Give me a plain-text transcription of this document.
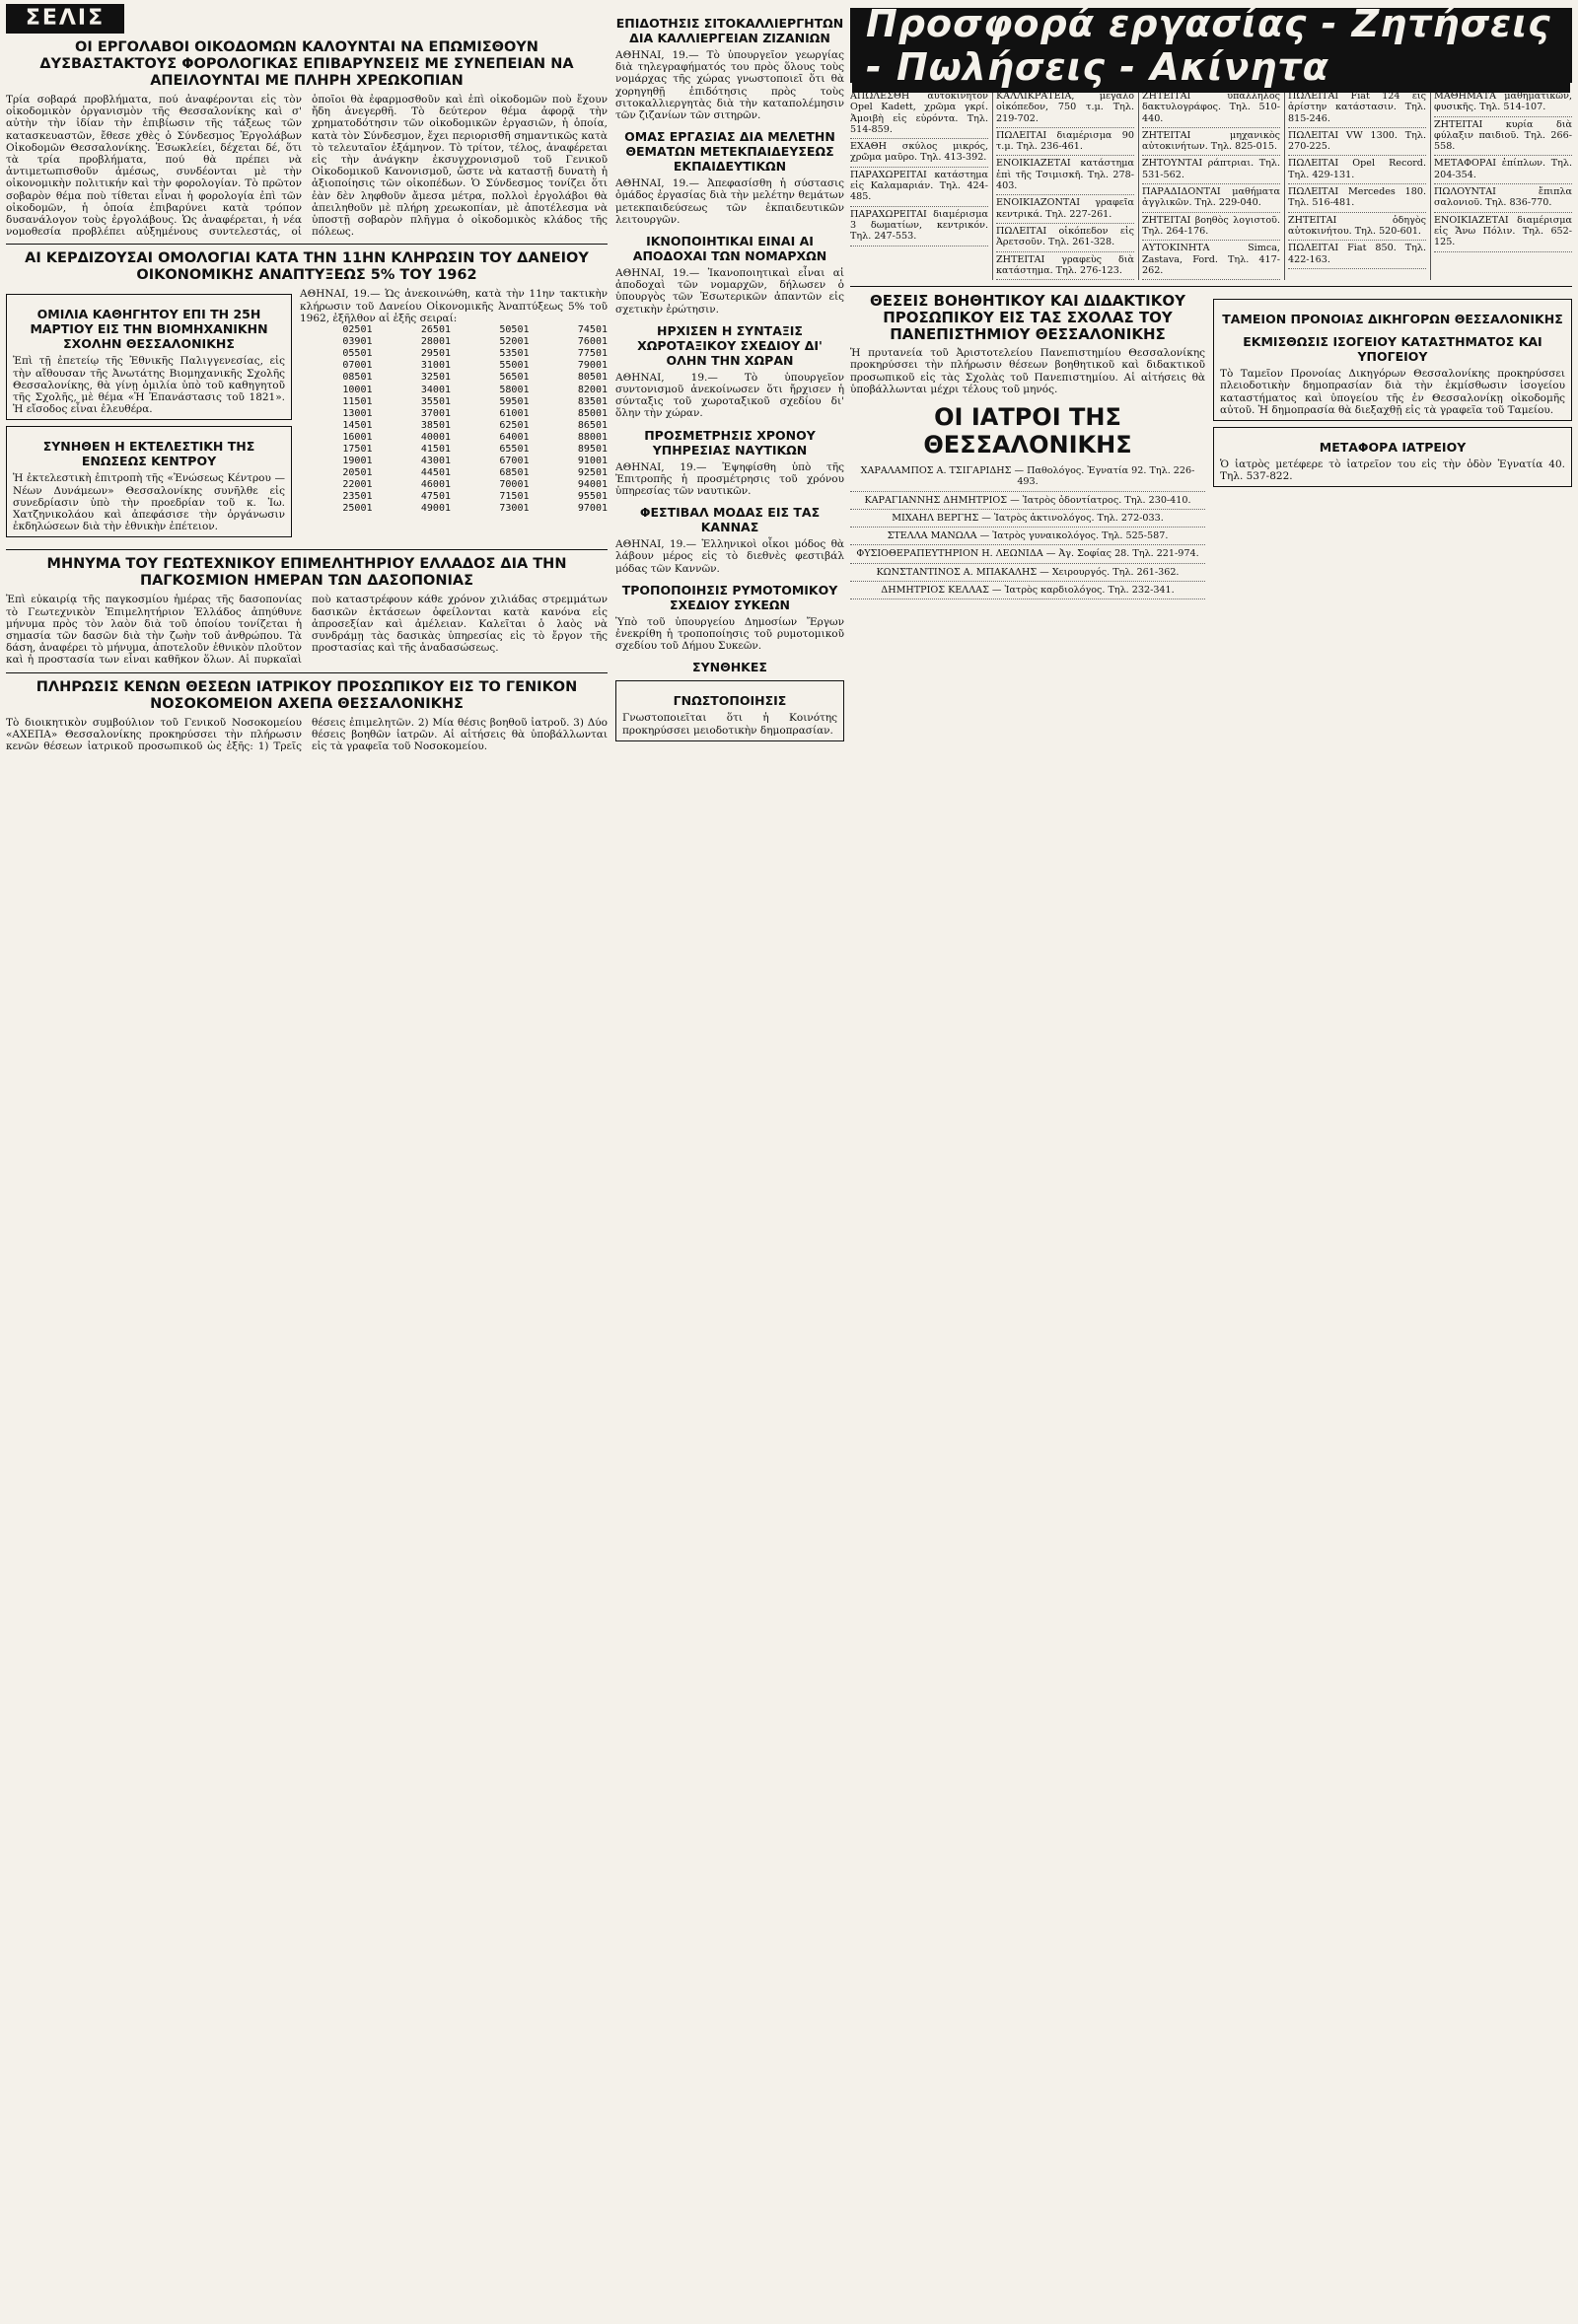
ΣΕΛΙΣ
ΟΙ ΕΡΓΟΛΑΒΟΙ ΟΙΚΟΔΟΜΩΝ ΚΑΛΟΥΝΤΑΙ ΝΑ ΕΠΩΜΙΣΘΟΥΝ ΔΥΣΒΑΣΤΑΚΤΟΥΣ ΦΟΡΟΛΟΓΙΚΑΣ ΕΠΙΒΑΡΥΝΣΕΙΣ ΜΕ ΣΥΝΕΠΕΙΑΝ ΝΑ ΑΠΕΙΛΟΥΝΤΑΙ ΜΕ ΠΛΗΡΗ ΧΡΕΩΚΟΠΙΑΝ

Τρία σοβαρά προβλήματα, πού ἀναφέρονται εἰς τὸν οἰκοδομικὸν ὀργανισμὸν τῆς Θεσσαλονίκης καὶ σ' αὐτὴν τὴν ἰδίαν τὴν ἐπιβίωσιν τῆς τάξεως τῶν κατασκευαστῶν, ἔθεσε χθὲς ὁ Σύνδεσμος Ἐργολάβων Οἰκοδομῶν Θεσσαλονίκης. Ἐσωκλείει, δέχεται δέ, ὅτι τὰ τρία προβλήματα, πού θὰ πρέπει νὰ ἀντιμετωπισθοῦν ἀμέσως, συνδέονται μὲ τὴν οἰκονομικὴν πολιτικήν καὶ τὴν φορολογίαν. Τὸ πρῶτον σοβαρὸν θέμα ποὺ τίθεται εἶναι ἡ φορολογία ἐπὶ τῶν οἰκοδομῶν, ἡ ὁποία ἐπιβαρύνει κατὰ τρόπον δυσανάλογον τοὺς ἐργολάβους. Ὡς ἀναφέρεται, ἡ νέα νομοθεσία προβλέπει αὐξημένους συντελεστάς, οἱ ὁποῖοι θὰ ἐφαρμοσθοῦν καὶ ἐπὶ οἰκοδομῶν ποὺ ἔχουν ἤδη ἀνεγερθῆ. Τὸ δεύτερον θέμα ἀφορᾷ τὴν χρηματοδότησιν τῶν οἰκοδομικῶν ἐργασιῶν, ἡ ὁποία, κατὰ τὸν Σύνδεσμον, ἔχει περιορισθῆ σημαντικῶς κατὰ τὸ τελευταῖον ἑξάμηνον. Τὸ τρίτον, τέλος, ἀναφέρεται εἰς τὴν ἀνάγκην ἐκσυγχρονισμοῦ τοῦ Γενικοῦ Οἰκοδομικοῦ Κανονισμοῦ, ὥστε νὰ καταστῇ δυνατὴ ἡ ἀξιοποίησις τῶν οἰκοπέδων. Ὁ Σύνδεσμος τονίζει ὅτι ἐὰν δὲν ληφθοῦν ἄμεσα μέτρα, πολλοὶ ἐργολάβοι θὰ ἀπειληθοῦν μὲ πλήρη χρεωκοπίαν, μὲ ἀποτέλεσμα νὰ ὑποστῇ σοβαρὸν πλῆγμα ὁ οἰκοδομικὸς κλάδος τῆς πόλεως.

ΑΙ ΚΕΡΔΙΖΟΥΣΑΙ ΟΜΟΛΟΓΙΑΙ ΚΑΤΑ ΤΗΝ 11ΗΝ ΚΛΗΡΩΣΙΝ ΤΟΥ ΔΑΝΕΙΟΥ ΟΙΚΟΝΟΜΙΚΗΣ ΑΝΑΠΤΥΞΕΩΣ 5% ΤΟΥ 1962
ΟΜΙΛΙΑ ΚΑΘΗΓΗΤΟΥ ΕΠΙ ΤΗ 25Η ΜΑΡΤΙΟΥ ΕΙΣ ΤΗΝ ΒΙΟΜΗΧΑΝΙΚΗΝ ΣΧΟΛΗΝ ΘΕΣΣΑΛΟΝΙΚΗΣ

Ἐπὶ τῇ ἐπετείῳ τῆς Ἐθνικῆς Παλιγγενεσίας, εἰς τὴν αἴθουσαν τῆς Ἀνωτάτης Βιομηχανικῆς Σχολῆς Θεσσαλονίκης, θὰ γίνῃ ὁμιλία ὑπὸ τοῦ καθηγητοῦ τῆς Σχολῆς, μὲ θέμα «Ἡ Ἐπανάστασις τοῦ 1821». Ἡ εἴσοδος εἶναι ἐλευθέρα.

ΣΥΝΗΘΕΝ Η ΕΚΤΕΛΕΣΤΙΚΗ ΤΗΣ ΕΝΩΣΕΩΣ ΚΕΝΤΡΟΥ

Ἡ ἐκτελεστικὴ ἐπιτροπὴ τῆς «Ἐνώσεως Κέντρου — Νέων Δυνάμεων» Θεσσαλονίκης συνῆλθε εἰς συνεδρίασιν ὑπὸ τὴν προεδρίαν τοῦ κ. Ἰω. Χατζηνικολάου καὶ ἀπεφάσισε τὴν ὀργάνωσιν ἐκδηλώσεων διὰ τὴν ἐθνικὴν ἐπέτειον.

ΑΘΗΝΑΙ, 19.— Ὡς ἀνεκοινώθη, κατὰ τὴν 11ην τακτικὴν κλήρωσιν τοῦ Δανείου Οἰκονομικῆς Ἀναπτύξεως 5% τοῦ 1962, ἐξῆλθον αἱ ἑξῆς σειραί:

02501
03901
05501
07001
08501
10001
11501
13001
14501
16001
17501
19001
20501
22001
23501
25001
26501
28001
29501
31001
32501
34001
35501
37001
38501
40001
41501
43001
44501
46001
47501
49001
50501
52001
53501
55001
56501
58001
59501
61001
62501
64001
65501
67001
68501
70001
71501
73001
74501
76001
77501
79001
80501
82001
83501
85001
86501
88001
89501
91001
92501
94001
95501
97001
ΜΗΝΥΜΑ ΤΟΥ ΓΕΩΤΕΧΝΙΚΟΥ ΕΠΙΜΕΛΗΤΗΡΙΟΥ ΕΛΛΑΔΟΣ ΔΙΑ ΤΗΝ ΠΑΓΚΟΣΜΙΟΝ ΗΜΕΡΑΝ ΤΩΝ ΔΑΣΟΠΟΝΙΑΣ

Ἐπὶ εὐκαιρίᾳ τῆς παγκοσμίου ἡμέρας τῆς δασοπονίας τὸ Γεωτεχνικὸν Ἐπιμελητήριον Ἑλλάδος ἀπηύθυνε μήνυμα πρὸς τὸν λαὸν διὰ τοῦ ὁποίου τονίζεται ἡ σημασία τῶν δασῶν διὰ τὴν ζωὴν τοῦ ἀνθρώπου. Τὰ δάση, ἀναφέρει τὸ μήνυμα, ἀποτελοῦν ἐθνικὸν πλοῦτον καὶ ἡ προστασία των εἶναι καθῆκον ὅλων. Αἱ πυρκαϊαὶ ποὺ καταστρέφουν κάθε χρόνον χιλιάδας στρεμμάτων δασικῶν ἐκτάσεων ὀφείλονται κατὰ κανόνα εἰς ἀπροσεξίαν καὶ ἀμέλειαν. Καλεῖται ὁ λαὸς νὰ συνδράμῃ τὰς δασικὰς ὑπηρεσίας εἰς τὸ ἔργον τῆς προστασίας καὶ τῆς ἀναδασώσεως.

ΠΛΗΡΩΣΙΣ ΚΕΝΩΝ ΘΕΣΕΩΝ ΙΑΤΡΙΚΟΥ ΠΡΟΣΩΠΙΚΟΥ ΕΙΣ ΤΟ ΓΕΝΙΚΟΝ ΝΟΣΟΚΟΜΕΙΟΝ ΑΧΕΠΑ ΘΕΣΣΑΛΟΝΙΚΗΣ

Τὸ διοικητικὸν συμβούλιον τοῦ Γενικοῦ Νοσοκομείου «ΑΧΕΠΑ» Θεσσαλονίκης προκηρύσσει τὴν πλήρωσιν κενῶν θέσεων ἰατρικοῦ προσωπικοῦ ὡς ἑξῆς: 1) Τρεῖς θέσεις ἐπιμελητῶν. 2) Μία θέσις βοηθοῦ ἰατροῦ. 3) Δύο θέσεις βοηθῶν ἰατρῶν. Αἱ αἰτήσεις θὰ ὑποβάλλωνται εἰς τὰ γραφεῖα τοῦ Νοσοκομείου.

ΕΠΙΔΟΤΗΣΙΣ ΣΙΤΟΚΑΛΛΙΕΡΓΗΤΩΝ ΔΙΑ ΚΑΛΛΙΕΡΓΕΙΑΝ ΖΙΖΑΝΙΩΝ

ΑΘΗΝΑΙ, 19.— Τὸ ὑπουργεῖον γεωργίας διὰ τηλεγραφήματός του πρὸς ὅλους τοὺς νομάρχας τῆς χώρας γνωστοποιεῖ ὅτι θὰ χορηγηθῇ ἐπιδότησις πρὸς τοὺς σιτοκαλλιεργητὰς διὰ τὴν καταπολέμησιν τῶν ζιζανίων τῶν σιτηρῶν.

ΟΜΑΣ ΕΡΓΑΣΙΑΣ ΔΙΑ ΜΕΛΕΤΗΝ ΘΕΜΑΤΩΝ ΜΕΤΕΚΠΑΙΔΕΥΣΕΩΣ ΕΚΠΑΙΔΕΥΤΙΚΩΝ

ΑΘΗΝΑΙ, 19.— Ἀπεφασίσθη ἡ σύστασις ὁμάδος ἐργασίας διὰ τὴν μελέτην θεμάτων μετεκπαιδεύσεως τῶν ἐκπαιδευτικῶν λειτουργῶν.

ΙΚΝΟΠΟΙΗΤΙΚΑΙ ΕΙΝΑΙ ΑΙ ΑΠΟΔΟΧΑΙ ΤΩΝ ΝΟΜΑΡΧΩΝ

ΑΘΗΝΑΙ, 19.— Ἱκανοποιητικαὶ εἶναι αἱ ἀποδοχαὶ τῶν νομαρχῶν, δήλωσεν ὁ ὑπουργὸς τῶν Ἐσωτερικῶν ἀπαντῶν εἰς σχετικὴν ἐρώτησιν.

ΗΡΧΙΣΕΝ Η ΣΥΝΤΑΞΙΣ ΧΩΡΟΤΑΞΙΚΟΥ ΣΧΕΔΙΟΥ ΔΙ' ΟΛΗΝ ΤΗΝ ΧΩΡΑΝ

ΑΘΗΝΑΙ, 19.— Τὸ ὑπουργεῖον συντονισμοῦ ἀνεκοίνωσεν ὅτι ἤρχισεν ἡ σύνταξις τοῦ χωροταξικοῦ σχεδίου δι' ὅλην τὴν χώραν.

ΠΡΟΣΜΕΤΡΗΣΙΣ ΧΡΟΝΟΥ ΥΠΗΡΕΣΙΑΣ ΝΑΥΤΙΚΩΝ

ΑΘΗΝΑΙ, 19.— Ἐψηφίσθη ὑπὸ τῆς Ἐπιτροπῆς ἡ προσμέτρησις τοῦ χρόνου ὑπηρεσίας τῶν ναυτικῶν.

ΦΕΣΤΙΒΑΛ ΜΟΔΑΣ ΕΙΣ ΤΑΣ ΚΑΝΝΑΣ

ΑΘΗΝΑΙ, 19.— Ἑλληνικοὶ οἶκοι μόδος θὰ λάβουν μέρος εἰς τὸ διεθνὲς φεστιβάλ μόδας τῶν Καννῶν.

ΤΡΟΠΟΠΟΙΗΣΙΣ ΡΥΜΟΤΟΜΙΚΟΥ ΣΧΕΔΙΟΥ ΣΥΚΕΩΝ

Ὑπὸ τοῦ ὑπουργείου Δημοσίων Ἔργων ἐνεκρίθη ἡ τροποποίησις τοῦ ρυμοτομικοῦ σχεδίου τοῦ Δήμου Συκεῶν.

ΣΥΝΘΗΚΕΣ
ΓΝΩΣΤΟΠΟΙΗΣΙΣ

Γνωστοποιεῖται ὅτι ἡ Κοινότης προκηρύσσει μειοδοτικὴν δημοπρασίαν.

Προσφορά εργασίας - Ζητήσεις - Πωλήσεις - Ακίνητα
ΑΠΩΛΕΣΘΗ αὐτοκίνητον Opel Kadett, χρῶμα γκρί. Ἀμοιβὴ εἰς εὑρόντα. Τηλ. 514-859.
ΕΧΑΘΗ σκύλος μικρός, χρῶμα μαῦρο. Τηλ. 413-392.
ΠΑΡΑΧΩΡΕΙΤΑΙ κατάστημα εἰς Καλαμαριάν. Τηλ. 424-485.
ΠΑΡΑΧΩΡΕΙΤΑΙ διαμέρισμα 3 δωματίων, κεντρικόν. Τηλ. 247-553.
ΚΑΛΛΙΚΡΑΤΕΙΑ, μεγάλο οἰκόπεδον, 750 τ.μ. Τηλ. 219-702.
ΠΩΛΕΙΤΑΙ διαμέρισμα 90 τ.μ. Τηλ. 236-461.
ΕΝΟΙΚΙΑΖΕΤΑΙ κατάστημα ἐπὶ τῆς Τσιμισκῆ. Τηλ. 278-403.
ΕΝΟΙΚΙΑΖΟΝΤΑΙ γραφεῖα κεντρικά. Τηλ. 227-261.
ΠΩΛΕΙΤΑΙ οἰκόπεδον εἰς Ἀρετσοῦν. Τηλ. 261-328.
ΖΗΤΕΙΤΑΙ γραφεὺς διὰ κατάστημα. Τηλ. 276-123.
ΖΗΤΕΙΤΑΙ ὑπάλληλος δακτυλογράφος. Τηλ. 510-440.
ΖΗΤΕΙΤΑΙ μηχανικὸς αὐτοκινήτων. Τηλ. 825-015.
ΖΗΤΟΥΝΤΑΙ ράπτριαι. Τηλ. 531-562.
ΠΑΡΑΔΙΔΟΝΤΑΙ μαθήματα ἀγγλικῶν. Τηλ. 229-040.
ΖΗΤΕΙΤΑΙ βοηθὸς λογιστοῦ. Τηλ. 264-176.
ΑΥΤΟΚΙΝΗΤΑ Simca, Zastava, Ford. Τηλ. 417-262.
ΠΩΛΕΙΤΑΙ Fiat 124 εἰς ἀρίστην κατάστασιν. Τηλ. 815-246.
ΠΩΛΕΙΤΑΙ VW 1300. Τηλ. 270-225.
ΠΩΛΕΙΤΑΙ Opel Record. Τηλ. 429-131.
ΠΩΛΕΙΤΑΙ Mercedes 180. Τηλ. 516-481.
ΖΗΤΕΙΤΑΙ ὁδηγὸς αὐτοκινήτου. Τηλ. 520-601.
ΠΩΛΕΙΤΑΙ Fiat 850. Τηλ. 422-163.
ΜΑΘΗΜΑΤΑ μαθηματικῶν, φυσικῆς. Τηλ. 514-107.
ΖΗΤΕΙΤΑΙ κυρία διὰ φύλαξιν παιδιοῦ. Τηλ. 266-558.
ΜΕΤΑΦΟΡΑΙ ἐπίπλων. Τηλ. 204-354.
ΠΩΛΟΥΝΤΑΙ ἔπιπλα σαλονιοῦ. Τηλ. 836-770.
ΕΝΟΙΚΙΑΖΕΤΑΙ διαμέρισμα εἰς Ἄνω Πόλιν. Τηλ. 652-125.
ΘΕΣΕΙΣ ΒΟΗΘΗΤΙΚΟΥ ΚΑΙ ΔΙΔΑΚΤΙΚΟΥ ΠΡΟΣΩΠΙΚΟΥ ΕΙΣ ΤΑΣ ΣΧΟΛΑΣ ΤΟΥ ΠΑΝΕΠΙΣΤΗΜΙΟΥ ΘΕΣΣΑΛΟΝΙΚΗΣ

Ἡ πρυτανεία τοῦ Ἀριστοτελείου Πανεπιστημίου Θεσσαλονίκης προκηρύσσει τὴν πλήρωσιν θέσεων βοηθητικοῦ καὶ διδακτικοῦ προσωπικοῦ εἰς τὰς Σχολὰς τοῦ Πανεπιστημίου. Αἱ αἰτήσεις θὰ ὑποβάλλωνται μέχρι τέλους τοῦ μηνός.

ΟΙ ΙΑΤΡΟΙ ΤΗΣ ΘΕΣΣΑΛΟΝΙΚΗΣ
ΧΑΡΑΛΑΜΠΟΣ Α. ΤΣΙΓΑΡΙΔΗΣ — Παθολόγος. Ἐγνατία 92. Τηλ. 226-493.
ΚΑΡΑΓΙΑΝΝΗΣ ΔΗΜΗΤΡΙΟΣ — Ἰατρὸς ὀδοντίατρος. Τηλ. 230-410.
ΜΙΧΑΗΛ ΒΕΡΓΗΣ — Ἰατρὸς ἀκτινολόγος. Τηλ. 272-033.
ΣΤΕΛΛΑ ΜΑΝΩΛΑ — Ἰατρὸς γυναικολόγος. Τηλ. 525-587.
ΦΥΣΙΟΘΕΡΑΠΕΥΤΗΡΙΟΝ Η. ΛΕΩΝΙΔΑ — Ἀγ. Σοφίας 28. Τηλ. 221-974.
ΚΩΝΣΤΑΝΤΙΝΟΣ Α. ΜΠΑΚΑΛΗΣ — Χειρουργός. Τηλ. 261-362.
ΔΗΜΗΤΡΙΟΣ ΚΕΛΛΑΣ — Ἰατρὸς καρδιολόγος. Τηλ. 232-341.
ΤΑΜΕΙΟΝ ΠΡΟΝΟΙΑΣ ΔΙΚΗΓΟΡΩΝ ΘΕΣΣΑΛΟΝΙΚΗΣ
ΕΚΜΙΣΘΩΣΙΣ ΙΣΟΓΕΙΟΥ ΚΑΤΑΣΤΗΜΑΤΟΣ ΚΑΙ ΥΠΟΓΕΙΟΥ

Τὸ Ταμεῖον Προνοίας Δικηγόρων Θεσσαλονίκης προκηρύσσει πλειοδοτικὴν δημοπρασίαν διὰ τὴν ἐκμίσθωσιν ἰσογείου καταστήματος καὶ ὑπογείου τῆς ἐν Θεσσαλονίκῃ οἰκοδομῆς αὐτοῦ. Ἡ δημοπρασία θὰ διεξαχθῇ εἰς τὰ γραφεῖα τοῦ Ταμείου.

ΜΕΤΑΦΟΡΑ ΙΑΤΡΕΙΟΥ

Ὁ ἰατρὸς μετέφερε τὸ ἰατρεῖον του εἰς τὴν ὁδὸν Ἐγνατία 40. Τηλ. 537-822.
